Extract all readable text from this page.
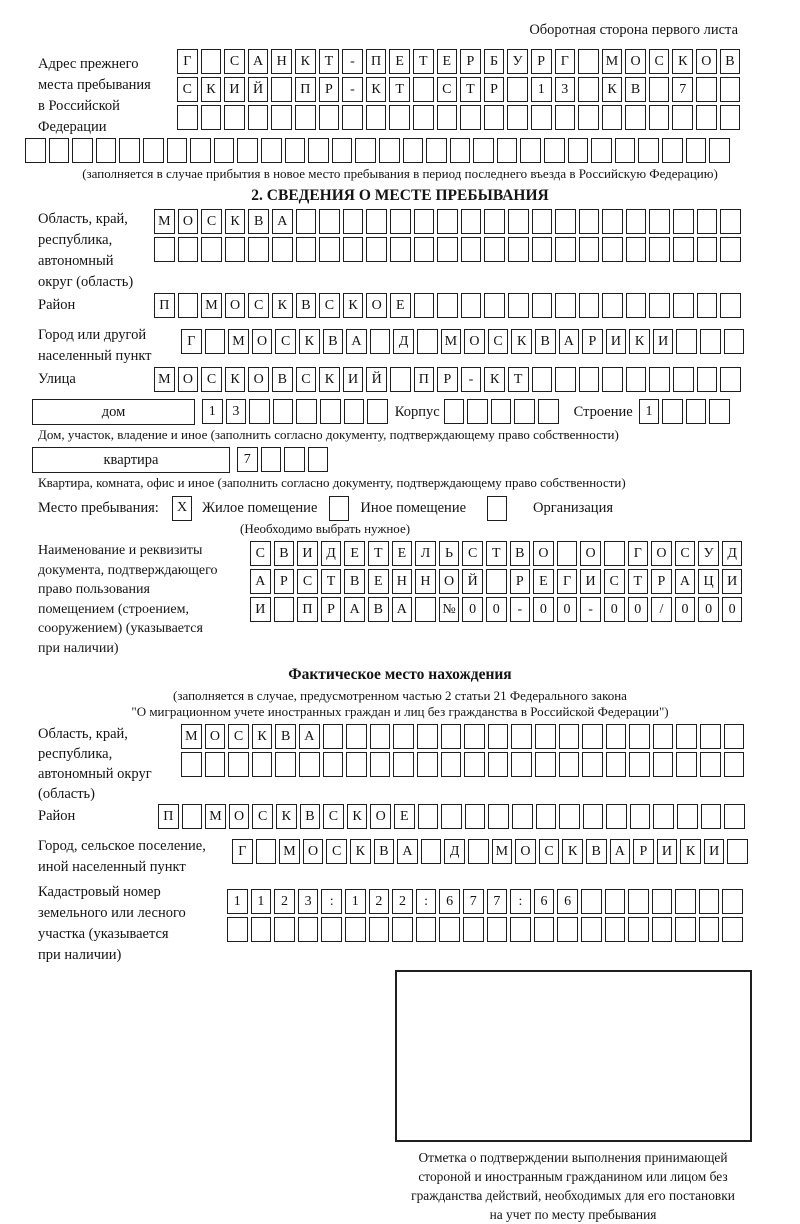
Оборотная сторона первого листа
Адрес прежнего
места пребывания
в Российской
Федерации
Г	С А Н К	Т	-	П	Е	Т	Е	Р	Б	У	Р	Г	М О С	К О В
С	К И Й	П	Р	-	К	Т	С	Т	Р	1	3	К	В	7
(заполняется в случае прибытия в новое место пребывания в период последнего въезда в Российскую Федерацию)
2. СВЕДЕНИЯ О МЕСТЕ ПРЕБЫВАНИЯ
Область, край,
республика,
автономный
округ (область)
М О С	К	В А
Район	П	М О С	К	В	С	К О	Е
Город или другой
населенный пункт
Г	М О С	К	В А	Д	М О С	К	В А	Р	И К И
Улица	М О С	К О В	С	К И Й	П	Р	-	К	Т
дом	1	3	Корпус	Строение 1
Дом, участок, владение и иное (заполнить согласно документу, подтверждающему право собственности)
квартира	7
Квартира, комната, офис и иное (заполнить согласно документу, подтверждающему право собственности)
Место пребывания:	X	Жилое помещение	Иное помещение	Организация
(Необходимо выбрать нужное)
Наименование и реквизиты
документа, подтверждающего
право пользования
помещением (строением,
сооружением) (указывается
при наличии)
С	В И Д	Е	Т	Е	Л	Ь	С	Т	В О	О	Г	О С У Д
А	Р	С	Т	В	Е	Н Н О Й	Р	Е	Г	И С	Т	Р	А Ц И
И	П	Р	А В А	№ 0	0	-	0	0	-	0	0	/	0	0	0
Фактическое место нахождения
(заполняется в случае, предусмотренном частью 2 статьи 21 Федерального закона
"О миграционном учете иностранных граждан и лиц без гражданства в Российской Федерации")
Область, край,
республика,
автономный округ
(область)
М О С	К	В А
Район	П	М О С	К	В	С	К О	Е
Город, сельское поселение,
иной населенный пункт
Г	М О С	К	В А	Д	М О С	К	В А	Р	И К И
Кадастровый номер
земельного или лесного
участка (указывается
при наличии)
1	1	2	3	:	1	2	2	:	6	7	7	:	6	6
Отметка о подтверждении выполнения принимающей
стороной и иностранным гражданином или лицом без
гражданства действий, необходимых для его постановки
на учет по месту пребывания
